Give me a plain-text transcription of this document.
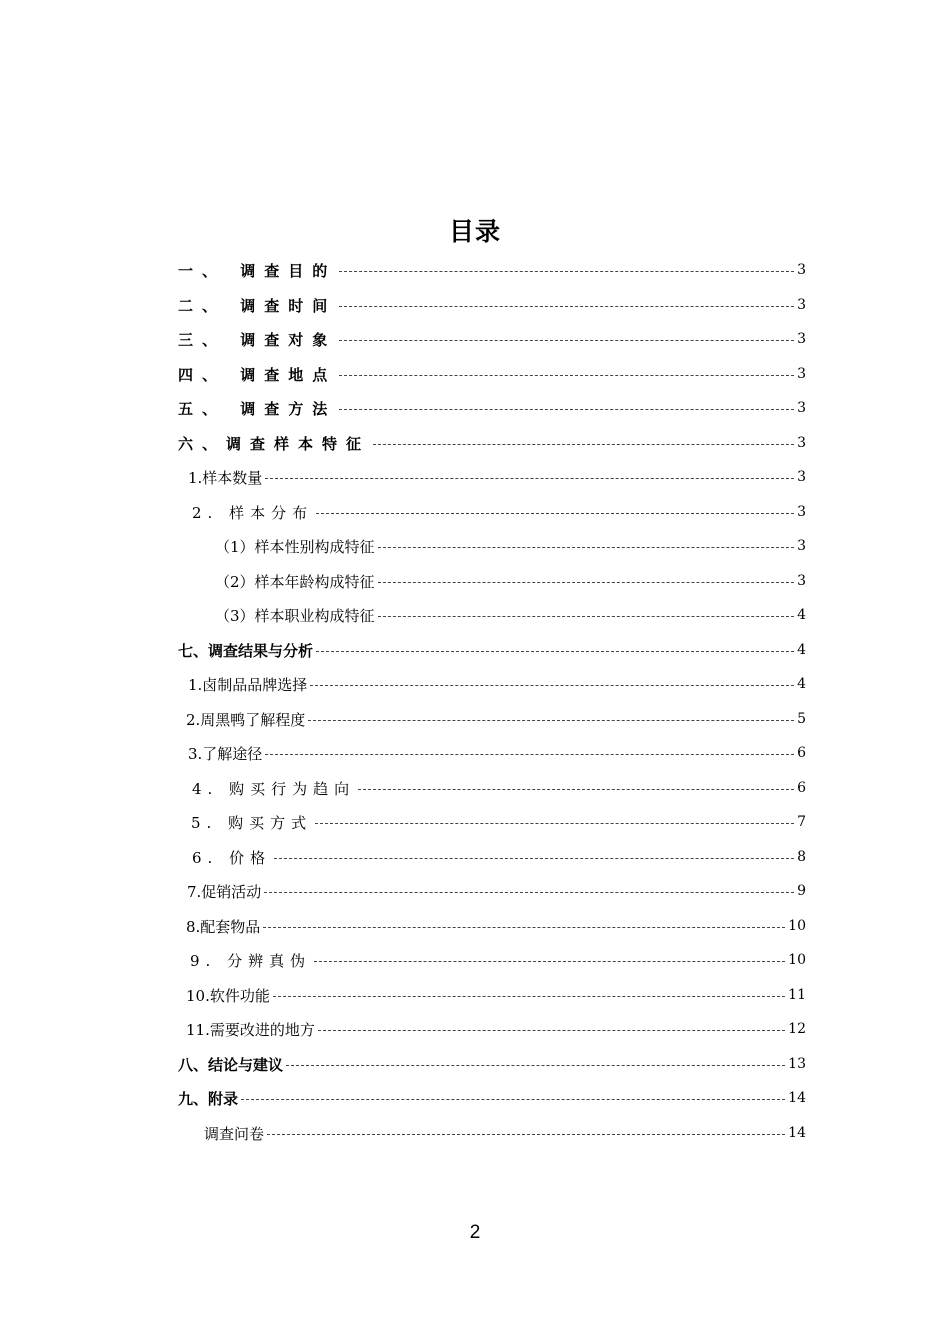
目录
一、 调查目的	3
二、 调查时间	3
三、 调查对象	3
四、 调查地点	3
五、 调查方法	3
六、调查样本特征	3
1.样本数量	3
2. 样本分布	3
（1）样本性别构成特征	3
（2）样本年龄构成特征	3
（3）样本职业构成特征	4
七、调查结果与分析	4
1.卤制品品牌选择	4
2.周黑鸭了解程度	5
3.了解途径	6
4. 购买行为趋向	6
5. 购买方式	7
6. 价格	8
7.促销活动	9
8.配套物品	10
9. 分辨真伪	10
10.软件功能	11
11.需要改进的地方	12
八、结论与建议	13
九、附录	14
调查问卷	14
2
